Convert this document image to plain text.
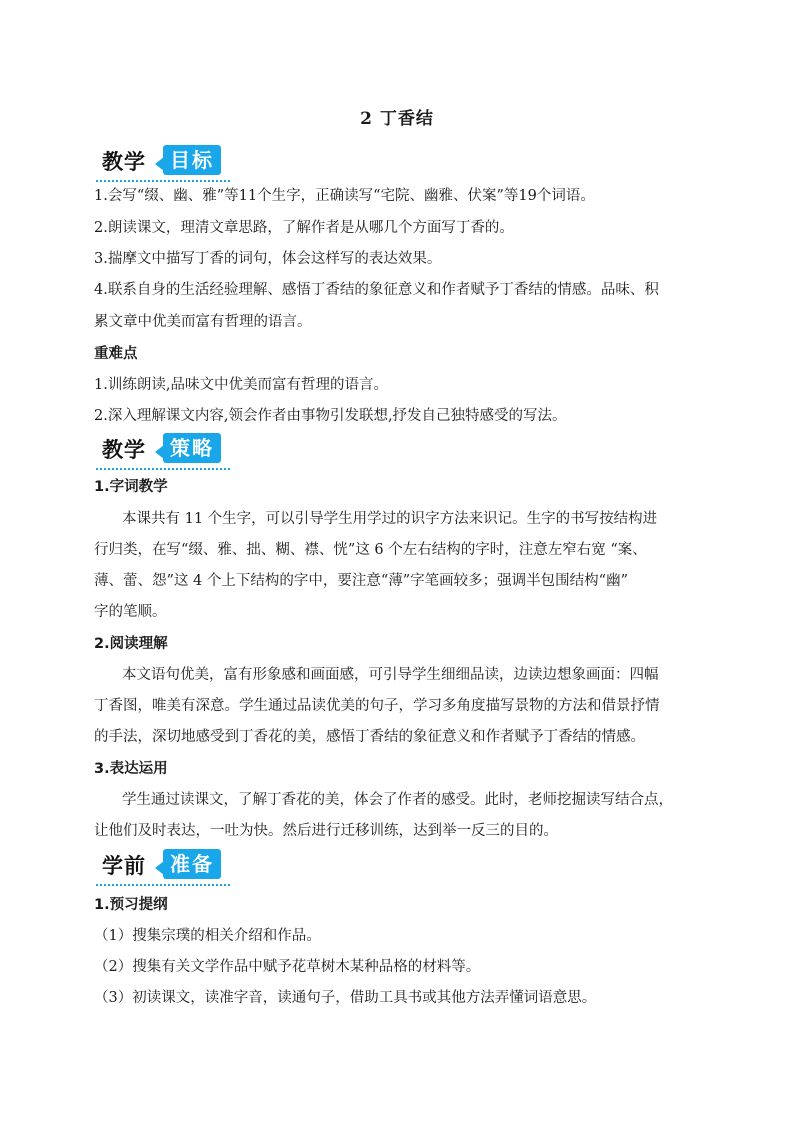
2 丁香结
教学	目标
1.会写“缀、幽、雅”等11个生字，正确读写“宅院、幽雅、伏案”等19个词语。
2.朗读课文，理清文章思路，了解作者是从哪几个方面写丁香的。
3.揣摩文中描写丁香的词句，体会这样写的表达效果。
4.联系自身的生活经验理解、感悟丁香结的象征意义和作者赋予丁香结的情感。品味、积
累文章中优美而富有哲理的语言。
重难点
1.训练朗读,品味文中优美而富有哲理的语言。
2.深入理解课文内容,领会作者由事物引发联想,抒发自己独特感受的写法。
教学	策略
1.字词教学
本课共有 11 个生字，可以引导学生用学过的识字方法来识记。生字的书写按结构进
行归类，在写“缀、雅、拙、糊、襟、恍”这 6 个左右结构的字时，注意左窄右宽 “案、
薄、蕾、怨”这 4 个上下结构的字中，要注意“薄”字笔画较多；强调半包围结构“幽”
字的笔顺。
2.阅读理解
本文语句优美，富有形象感和画面感，可引导学生细细品读，边读边想象画面：四幅
丁香图，唯美有深意。学生通过品读优美的句子，学习多角度描写景物的方法和借景抒情
的手法，深切地感受到丁香花的美，感悟丁香结的象征意义和作者赋予丁香结的情感。
3.表达运用
学生通过读课文，了解丁香花的美，体会了作者的感受。此时，老师挖掘读写结合点，
让他们及时表达，一吐为快。然后进行迁移训练，达到举一反三的目的。
学前	准备
1.预习提纲
（1）搜集宗璞的相关介绍和作品。
（2）搜集有关文学作品中赋予花草树木某种品格的材料等。
（3）初读课文，读准字音，读通句子，借助工具书或其他方法弄懂词语意思。
